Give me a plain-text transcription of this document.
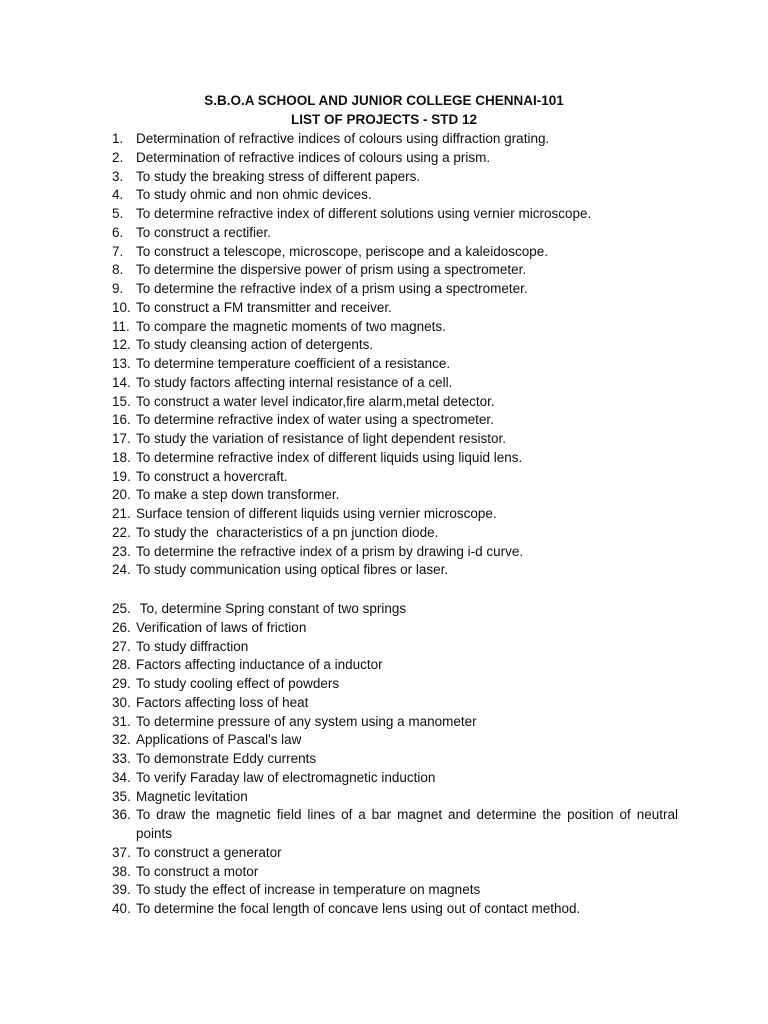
S.B.O.A SCHOOL AND JUNIOR COLLEGE CHENNAI-101
LIST OF PROJECTS - STD 12
1. Determination of refractive indices of colours using diffraction grating.
2. Determination of refractive indices of colours using a prism.
3. To study the breaking stress of different papers.
4. To study ohmic and non ohmic devices.
5. To determine refractive index of different solutions using vernier microscope.
6. To construct a rectifier.
7. To construct a telescope, microscope, periscope and a kaleidoscope.
8. To determine the dispersive power of prism using a spectrometer.
9. To determine the refractive index of a prism using a spectrometer.
10. To construct a FM transmitter and receiver.
11. To compare the magnetic moments of two magnets.
12. To study cleansing action of detergents.
13. To determine temperature coefficient of a resistance.
14. To study factors affecting internal resistance of a cell.
15. To construct a water level indicator,fire alarm,metal detector.
16. To determine refractive index of water using a spectrometer.
17. To study the variation of resistance of light dependent resistor.
18. To determine refractive index of different liquids using liquid lens.
19. To construct a hovercraft.
20. To make a step down transformer.
21. Surface tension of different liquids using vernier microscope.
22. To study the  characteristics of a pn junction diode.
23. To determine the refractive index of a prism by drawing i-d curve.
24. To study communication using optical fibres or laser.
25. To, determine Spring constant of two springs
26. Verification of laws of friction
27. To study diffraction
28. Factors affecting inductance of a inductor
29. To study cooling effect of powders
30. Factors affecting loss of heat
31. To determine pressure of any system using a manometer
32. Applications of Pascal's law
33. To demonstrate Eddy currents
34. To verify Faraday law of electromagnetic induction
35. Magnetic levitation
36. To draw the magnetic field lines of a bar magnet and determine the position of neutral points
37. To construct a generator
38. To construct a motor
39. To study the effect of increase in temperature on magnets
40. To determine the focal length of concave lens using out of contact method.
